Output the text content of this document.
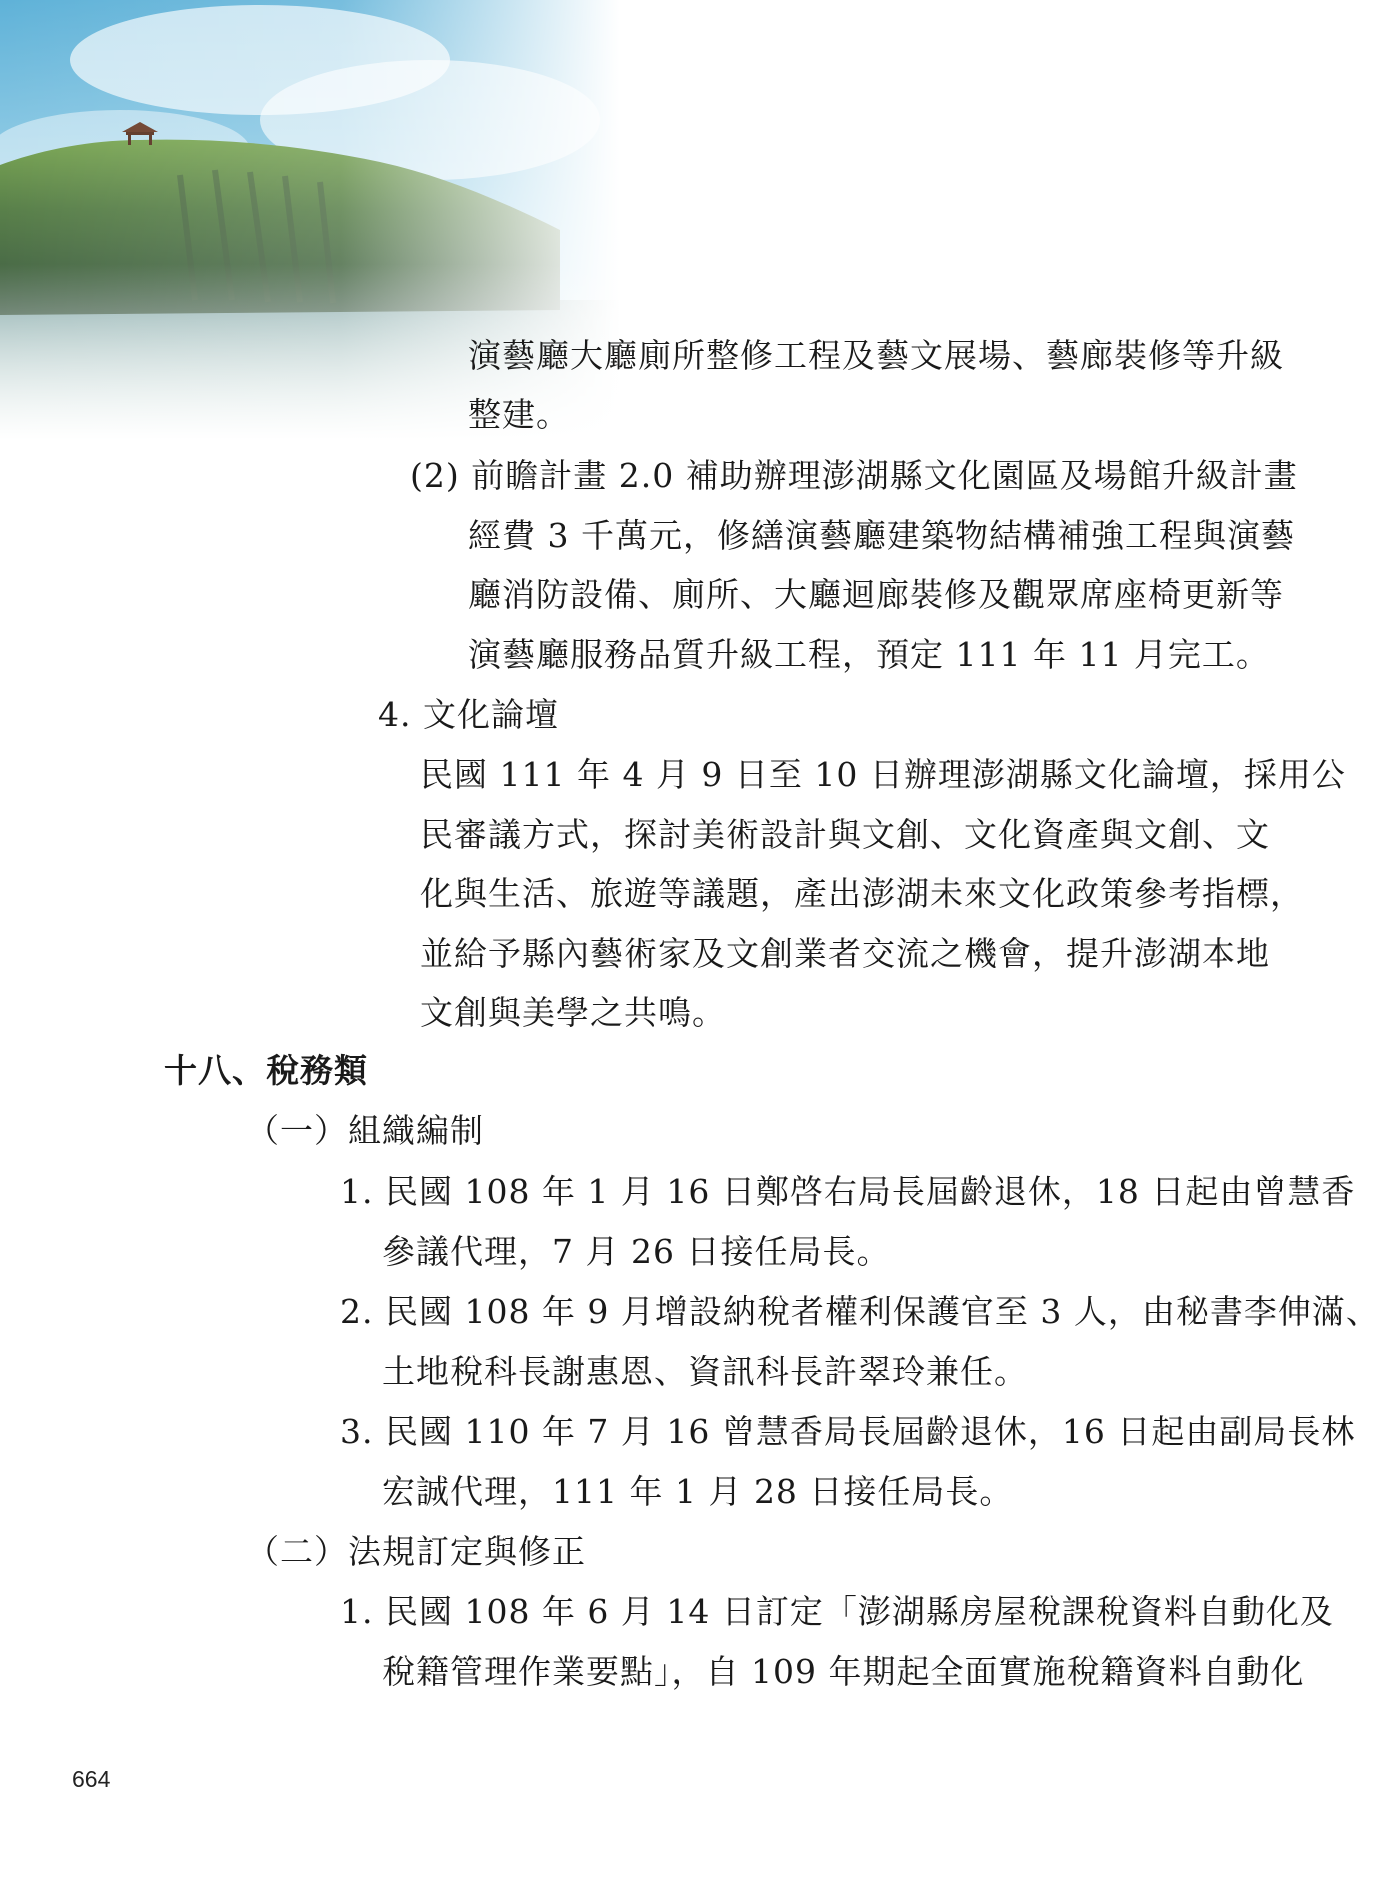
演藝廳大廳廁所整修工程及藝文展場、藝廊裝修等升級
整建。
(2) 前瞻計畫 2.0 補助辦理澎湖縣文化園區及場館升級計畫
經費 3 千萬元，修繕演藝廳建築物結構補強工程與演藝
廳消防設備、廁所、大廳迴廊裝修及觀眾席座椅更新等
演藝廳服務品質升級工程，預定 111 年 11 月完工。
4. 文化論壇
民國 111 年 4 月 9 日至 10 日辦理澎湖縣文化論壇，採用公
民審議方式，探討美術設計與文創、文化資產與文創、文
化與生活、旅遊等議題，產出澎湖未來文化政策參考指標，
並給予縣內藝術家及文創業者交流之機會，提升澎湖本地
文創與美學之共鳴。
十八、稅務類
（一）組織編制
1. 民國 108 年 1 月 16 日鄭啓右局長屆齡退休，18 日起由曾慧香
參議代理，7 月 26 日接任局長。
2. 民國 108 年 9 月增設納稅者權利保護官至 3 人，由秘書李伸滿、
土地稅科長謝惠恩、資訊科長許翠玲兼任。
3. 民國 110 年 7 月 16 曾慧香局長屆齡退休，16 日起由副局長林
宏誠代理，111 年 1 月 28 日接任局長。
（二）法規訂定與修正
1. 民國 108 年 6 月 14 日訂定「澎湖縣房屋稅課稅資料自動化及
稅籍管理作業要點」，自 109 年期起全面實施稅籍資料自動化
664
